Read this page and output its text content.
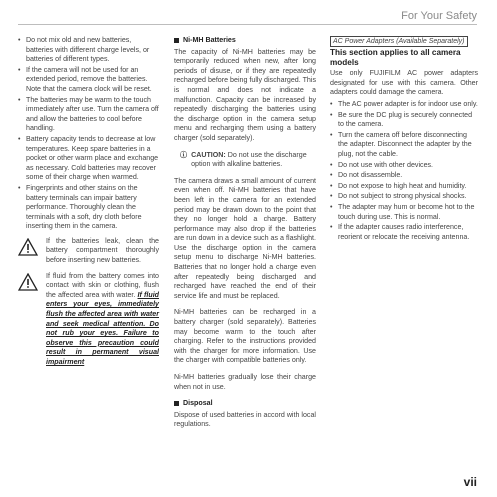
For Your Safety
• Do not mix old and new batteries, batteries with different charge levels, or batteries of different types.
• If the camera will not be used for an extended period, remove the batteries. Note that the camera clock will be reset.
• The batteries may be warm to the touch immediately after use. Turn the camera off and allow the batteries to cool before handling.
• Battery capacity tends to decrease at low temperatures. Keep spare batteries in a pocket or other warm place and exchange as necessary. Cold batteries may recover some of their charge when warmed.
• Fingerprints and other stains on the battery terminals can impair battery performance. Thoroughly clean the terminals with a soft, dry cloth before inserting them in the camera.
If the batteries leak, clean the battery compartment thoroughly before inserting new batteries.
If fluid from the battery comes into contact with skin or clothing, flush the affected area with water. If fluid enters your eyes, immediately flush the affected area with water and seek medical attention. Do not rub your eyes. Failure to observe this precaution could result in permanent visual impairment
Ni-MH Batteries

The capacity of Ni-MH batteries may be temporarily reduced when new, after long periods of disuse, or if they are repeatedly recharged before being fully discharged. This is normal and does not indicate a malfunction. Capacity can be increased by repeatedly discharging the batteries using the discharge option in the camera setup menu and recharging them using a battery charger (sold separately).

ⓘ CAUTION: Do not use the discharge option with alkaline batteries.

The camera draws a small amount of current even when off. Ni-MH batteries that have been left in the camera for an extended period may be drawn down to the point that they no longer hold a charge. Battery performance may also drop if the batteries are run down in a device such as a flashlight. Use the discharge option in the camera setup menu to discharge Ni-MH batteries. Batteries that no longer hold a charge even after repeatedly being discharged and recharged have reached the end of their service life and must be replaced.

Ni-MH batteries can be recharged in a battery charger (sold separately). Batteries may become warm to the touch after charging. Refer to the instructions provided with the charger for more information. Use the charger with compatible batteries only.

Ni-MH batteries gradually lose their charge when not in use.

Disposal

Dispose of used batteries in accord with local regulations.

AC Power Adapters (Available Separately)
This section applies to all camera models

Use only FUJIFILM AC power adapters designated for use with this camera. Other adapters could damage the camera.

• The AC power adapter is for indoor use only.
• Be sure the DC plug is securely connected to the camera.
• Turn the camera off before disconnecting the adapter. Disconnect the adapter by the plug, not the cable.
• Do not use with other devices.
• Do not disassemble.
• Do not expose to high heat and humidity.
• Do not subject to strong physical shocks.
• The adapter may hum or become hot to the touch during use. This is normal.
• If the adapter causes radio interference, reorient or relocate the receiving antenna.
vii
